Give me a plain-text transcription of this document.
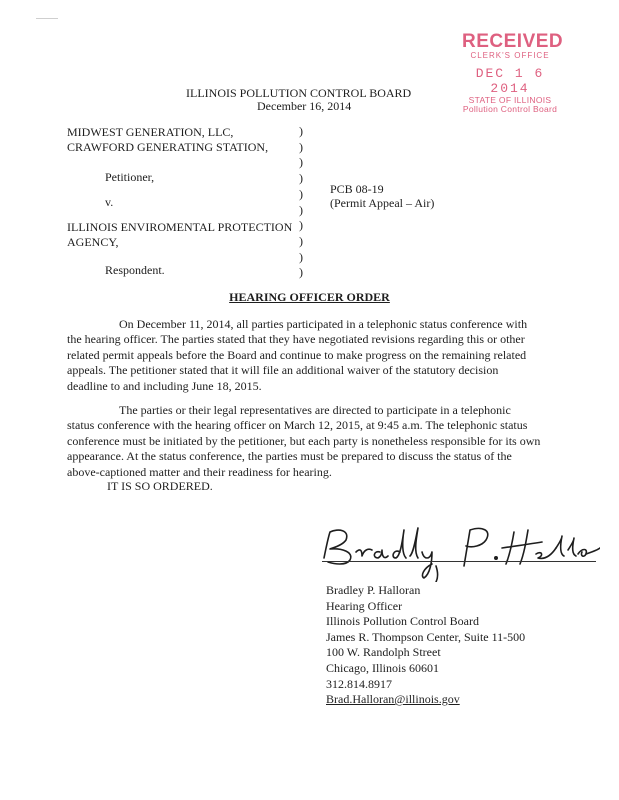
RECEIVED
CLERK'S OFFICE
DEC 1 6 2014
STATE OF ILLINOIS
Pollution Control Board
ILLINOIS POLLUTION CONTROL BOARD
December 16, 2014
MIDWEST GENERATION, LLC,
CRAWFORD GENERATING STATION,
Petitioner,
v.
ILLINOIS ENVIROMENTAL PROTECTION
AGENCY,
Respondent.
)
)
)
)
)
)
)
)
)
)
PCB 08-19
(Permit Appeal – Air)
HEARING OFFICER ORDER

On December 11, 2014, all parties participated in a telephonic status conference with the hearing officer. The parties stated that they have negotiated revisions regarding this or other related permit appeals before the Board and continue to make progress on the remaining related appeals. The petitioner stated that it will file an additional waiver of the statutory decision deadline to and including June 18, 2015.

The parties or their legal representatives are directed to participate in a telephonic status conference with the hearing officer on March 12, 2015, at 9:45 a.m. The telephonic status conference must be initiated by the petitioner, but each party is nonetheless responsible for its own appearance. At the status conference, the parties must be prepared to discuss the status of the above-captioned matter and their readiness for hearing.

IT IS SO ORDERED.
Bradley P. Halloran
Hearing Officer
Illinois Pollution Control Board
James R. Thompson Center, Suite 11-500
100 W. Randolph Street
Chicago, Illinois 60601
312.814.8917
Brad.Halloran@illinois.gov
